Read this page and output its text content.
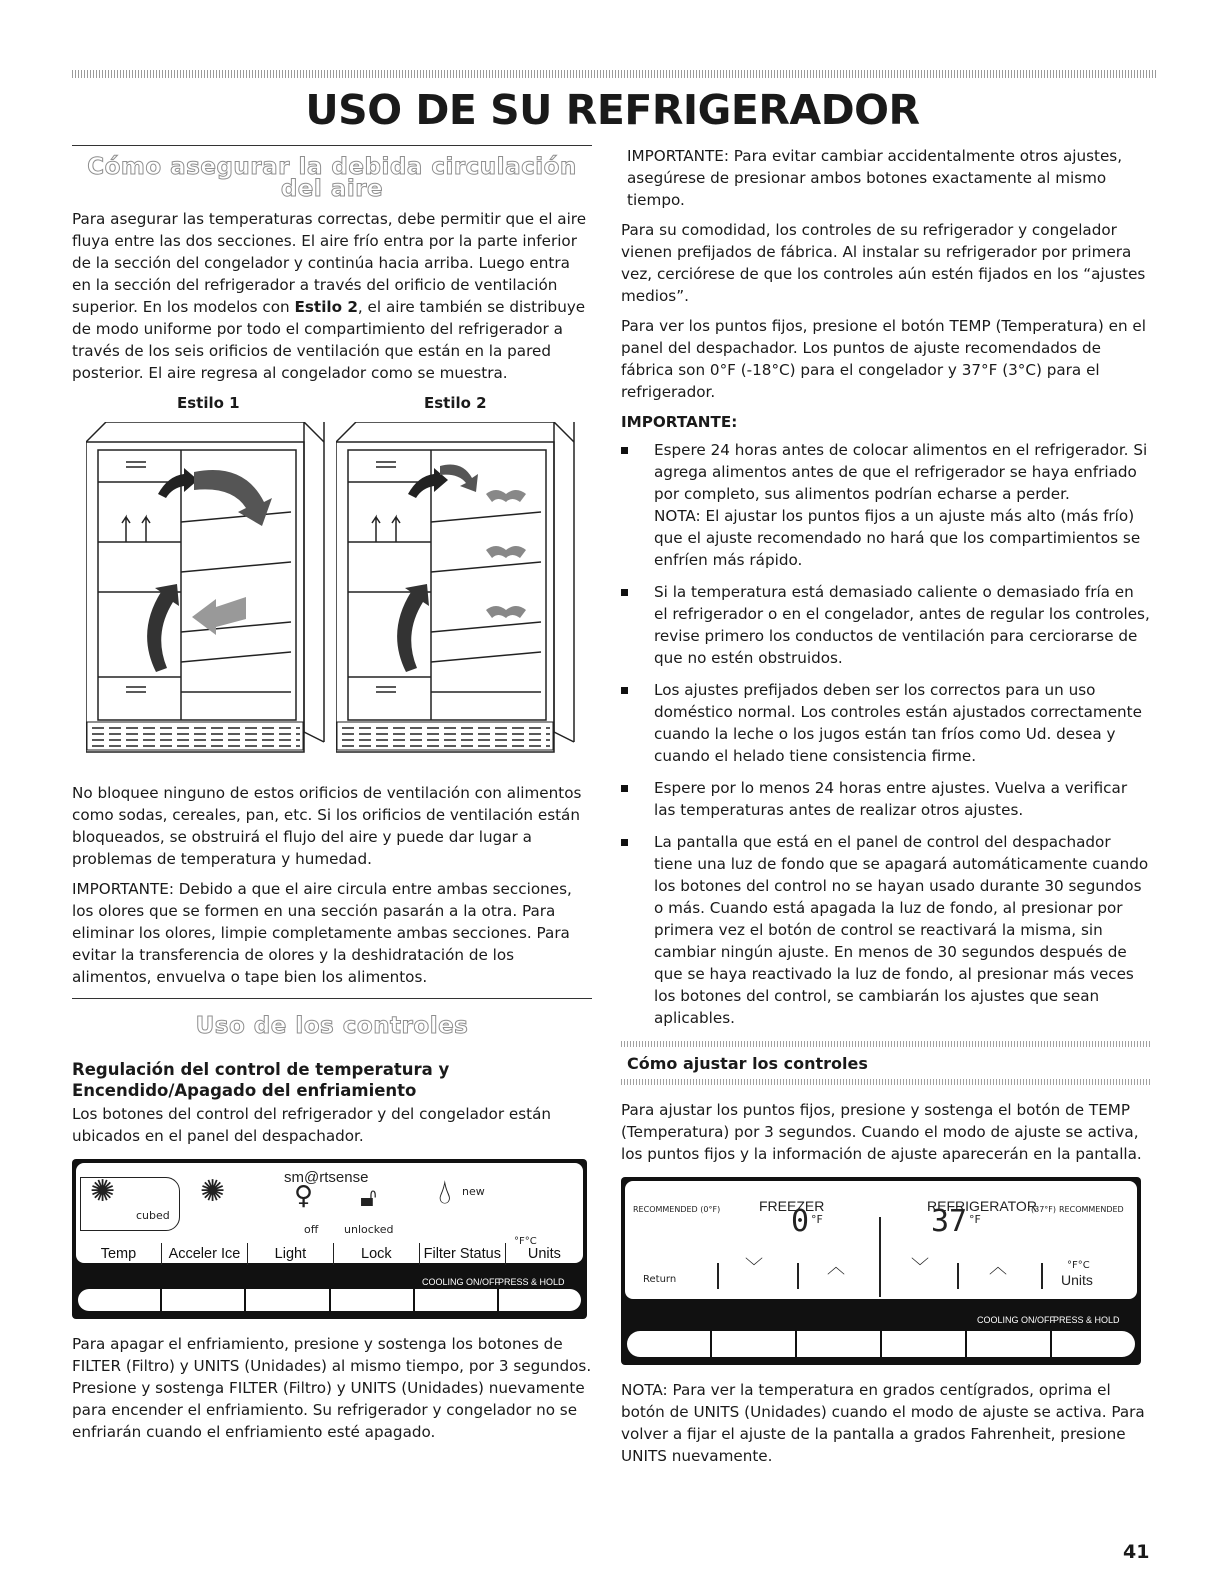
USO DE SU REFRIGERADOR
Cómo asegurar la debida circulación del aire

Para asegurar las temperaturas correctas, debe permitir que el aire fluya entre las dos secciones. El aire frío entra por la parte inferior de la sección del congelador y continúa hacia arriba. Luego entra en la sección del refrigerador a través del orificio de ventilación superior. En los modelos con Estilo 2, el aire también se distribuye de modo uniforme por todo el compartimiento del refrigerador a través de los seis orificios de ventilación que están en la pared posterior. El aire regresa al congelador como se muestra.

Estilo 1	Estilo 2

No bloquee ninguno de estos orificios de ventilación con alimentos como sodas, cereales, pan, etc. Si los orificios de ventilación están bloqueados, se obstruirá el flujo del aire y puede dar lugar a problemas de temperatura y humedad.

IMPORTANTE: Debido a que el aire circula entre ambas secciones, los olores que se formen en una sección pasarán a la otra. Para eliminar los olores, limpie completamente ambas secciones. Para evitar la transferencia de olores y la deshidratación de los alimentos, envuelva o tape bien los alimentos.

Uso de los controles
Regulación del control de temperatura y Encendido/Apagado del enfriamiento

Los botones del control del refrigerador y del congelador están ubicados en el panel del despachador.

sm@rtsense
✺
cubed
✺	♀
off
🔓︎
unlocked
💧︎ new
°F°C
Temp	Acceler Ice	Light	Lock	Filter Status	Units
COOLING ON/OFF
PRESS & HOLD

Para apagar el enfriamiento, presione y sostenga los botones de FILTER (Filtro) y UNITS (Unidades) al mismo tiempo, por 3 segundos. Presione y sostenga FILTER (Filtro) y UNITS (Unidades) nuevamente para encender el enfriamiento. Su refrigerador y congelador no se enfriarán cuando el enfriamiento esté apagado.

IMPORTANTE: Para evitar cambiar accidentalmente otros ajustes, asegúrese de presionar ambos botones exactamente al mismo tiempo.

Para su comodidad, los controles de su refrigerador y congelador vienen prefijados de fábrica. Al instalar su refrigerador por primera vez, cerciórese de que los controles aún estén fijados en los “ajustes medios”.

Para ver los puntos fijos, presione el botón TEMP (Temperatura) en el panel del despachador. Los puntos de ajuste recomendados de fábrica son 0°F (-18°C) para el congelador y 37°F (3°C) para el refrigerador.

IMPORTANTE:

Espere 24 horas antes de colocar alimentos en el refrigerador. Si agrega alimentos antes de que el refrigerador se haya enfriado por completo, sus alimentos podrían echarse a perder.

NOTA: El ajustar los puntos fijos a un ajuste más alto (más frío) que el ajuste recomendado no hará que los compartimientos se enfríen más rápido.

Si la temperatura está demasiado caliente o demasiado fría en el refrigerador o en el congelador, antes de regular los controles, revise primero los conductos de ventilación para cerciorarse de que no estén obstruidos.
Los ajustes prefijados deben ser los correctos para un uso doméstico normal. Los controles están ajustados correctamente cuando la leche o los jugos están tan fríos como Ud. desea y cuando el helado tiene consistencia firme.
Espere por lo menos 24 horas entre ajustes. Vuelva a verificar las temperaturas antes de realizar otros ajustes.
La pantalla que está en el panel de control del despachador tiene una luz de fondo que se apagará automáticamente cuando los botones del control no se hayan usado durante 30 segundos o más. Cuando está apagada la luz de fondo, al presionar por primera vez el botón de control se reactivará la misma, sin cambiar ningún ajuste. En menos de 30 segundos después de que se haya reactivado la luz de fondo, al presionar más veces los botones del control, se cambiarán los ajustes que sean aplicables.
Cómo ajustar los controles

Para ajustar los puntos fijos, presione y sostenga el botón de TEMP (Temperatura) por 3 segundos. Cuando el modo de ajuste se activa, los puntos fijos y la información de ajuste aparecerán en la pantalla.

RECOMMENDED (0°F)	FREEZER
0 °F
REFRIGERATOR
(37°F) RECOMMENDED
37 °F
Return
﹀	︿	﹀	︿	°F°C
Units
COOLING ON/OFF
PRESS & HOLD

NOTA: Para ver la temperatura en grados centígrados, oprima el botón de UNITS (Unidades) cuando el modo de ajuste se activa. Para volver a fijar el ajuste de la pantalla a grados Fahrenheit, presione UNITS nuevamente.

41
